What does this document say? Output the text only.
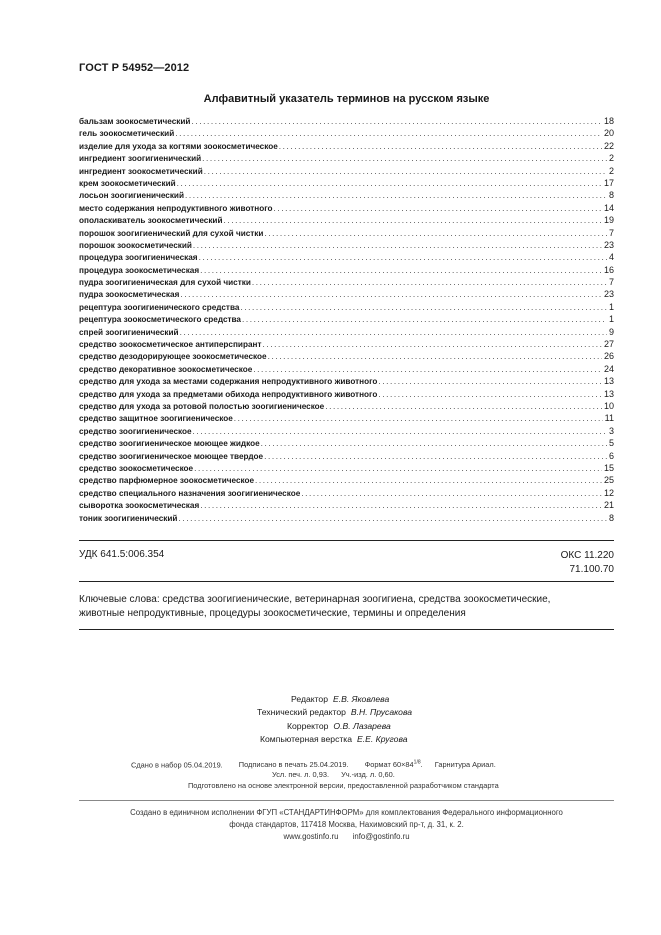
ГОСТ Р 54952—2012
Алфавитный указатель терминов на русском языке
бальзам зоокосметический .....	18
гель зоокосметический .....	20
изделие для ухода за когтями зоокосметическое .....	22
ингредиент зоогигиенический .....	2
ингредиент зоокосметический .....	2
крем зоокосметический .....	17
лосьон зоогигиенический .....	8
место содержания непродуктивного животного .....	14
ополаскиватель зоокосметический .....	19
порошок зоогигиенический для сухой чистки .....	7
порошок зоокосметический .....	23
процедура зоогигиеническая .....	4
процедура зоокосметическая .....	16
пудра зоогигиеническая для сухой чистки .....	7
пудра зоокосметическая .....	23
рецептура зоогигиенического средства .....	1
рецептура зоокосметического средства .....	1
спрей зоогигиенический .....	9
средство зоокосметическое антиперспирант .....	27
средство дезодорирующее зоокосметическое .....	26
средство декоративное зоокосметическое .....	24
средство для ухода за местами содержания непродуктивного животного .....	13
средство для ухода за предметами обихода непродуктивного животного .....	13
средство для ухода за ротовой полостью зоогигиеническое .....	10
средство защитное зоогигиеническое .....	11
средство зоогигиеническое .....	3
средство зоогигиеническое моющее жидкое .....	5
средство зоогигиеническое моющее твердое .....	6
средство зоокосметическое .....	15
средство парфюмерное зоокосметическое .....	25
средство специального назначения зоогигиеническое .....	12
сыворотка зоокосметическая .....	21
тоник зоогигиенический .....	8
УДК 641.5:006.354	ОКС 11.220
71.100.70
Ключевые слова: средства зоогигиенические, ветеринарная зоогигиена, средства зоокосметические,
животные непродуктивные, процедуры зоокосметические, термины и определения
Редактор Е.В. Яковлева
Технический редактор В.Н. Прусакова
Корректор О.В. Лазарева
Компьютерная верстка Е.Е. Кругова
Сдано в набор 05.04.2019. Подписано в печать 25.04.2019. Формат $60\times 84^{1/8}$. Гарнитура Ариал.
Усл. печ. л. 0,93. Уч.-изд. л. 0,60.
Подготовлено на основе электронной версии, предоставленной разработчиком стандарта
Создано в единичном исполнении ФГУП «СТАНДАРТИНФОРМ» для комплектования Федерального информационного
фонда стандартов, 117418 Москва, Нахимовский пр-т, д. 31, к. 2.
www.gostinfo.ru info@gostinfo.ru
